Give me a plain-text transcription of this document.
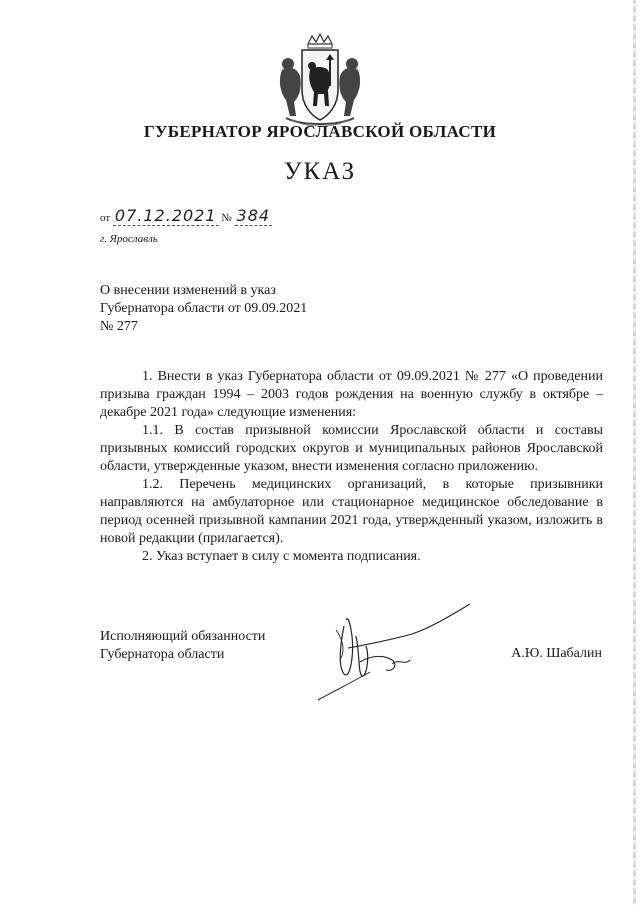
ГУБЕРНАТОР ЯРОСЛАВСКОЙ ОБЛАСТИ
УКАЗ
от 07.12.2021 № 384
г. Ярославль
О внесении изменений в указ
Губернатора области от 09.09.2021
№ 277

1. Внести в указ Губернатора области от 09.09.2021 № 277 «О проведении призыва граждан 1994 – 2003 годов рождения на военную службу в октябре – декабре 2021 года» следующие изменения:

1.1. В состав призывной комиссии Ярославской области и составы призывных комиссий городских округов и муниципальных районов Ярославской области, утвержденные указом, внести изменения согласно приложению.

1.2. Перечень медицинских организаций, в которые призывники направляются на амбулаторное или стационарное медицинское обследование в период осенней призывной кампании 2021 года, утвержденный указом, изложить в новой редакции (прилагается).

2. Указ вступает в силу с момента подписания.

Исполняющий обязанности
Губернатора области	А.Ю. Шабалин
